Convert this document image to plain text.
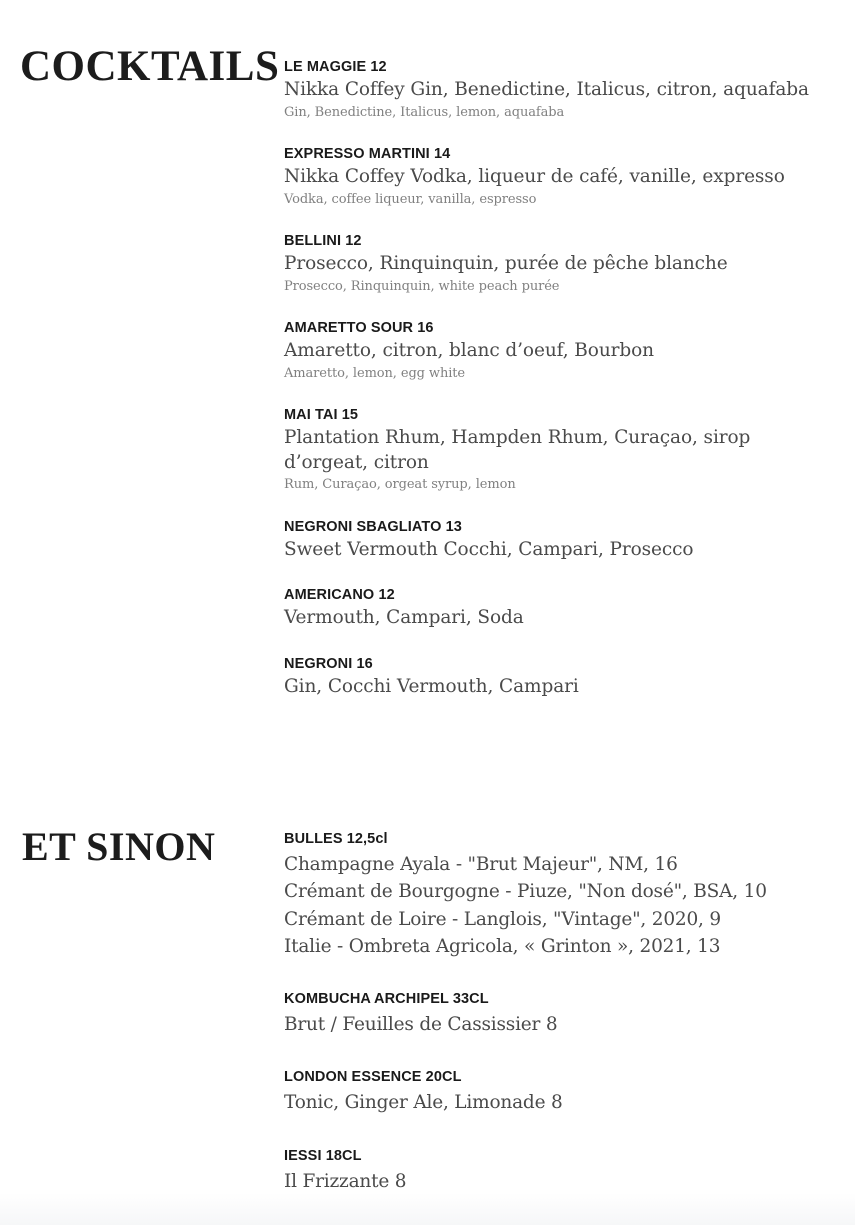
COCKTAILS LE MAGGIE 12
Nikka Coffey Gin, Benedictine, Italicus, citron, aquafaba
Gin, Benedictine, Italicus, lemon, aquafaba
EXPRESSO MARTINI 14
Nikka Coffey Vodka, liqueur de café, vanille, expresso
Vodka, coffee liqueur, vanilla, espresso
BELLINI 12
Prosecco, Rinquinquin, purée de pêche blanche
Prosecco, Rinquinquin, white peach purée
AMARETTO SOUR 16
Amaretto, citron, blanc d’oeuf, Bourbon
Amaretto, lemon, egg white
MAI TAI 15
Plantation Rhum, Hampden Rhum, Curaçao, sirop d’orgeat, citron
Rum, Curaçao, orgeat syrup, lemon
NEGRONI SBAGLIATO 13
Sweet Vermouth Cocchi, Campari, Prosecco
AMERICANO 12
Vermouth, Campari, Soda
NEGRONI 16
Gin, Cocchi Vermouth, Campari
ET SINON	BULLES 12,5cl
Champagne Ayala - "Brut Majeur", NM, 16
Crémant de Bourgogne - Piuze, "Non dosé", BSA, 10
Crémant de Loire - Langlois, "Vintage", 2020, 9
Italie - Ombreta Agricola, « Grinton », 2021, 13
KOMBUCHA ARCHIPEL 33CL
Brut / Feuilles de Cassissier 8
LONDON ESSENCE 20CL
Tonic, Ginger Ale, Limonade 8
IESSI 18CL
Il Frizzante 8
